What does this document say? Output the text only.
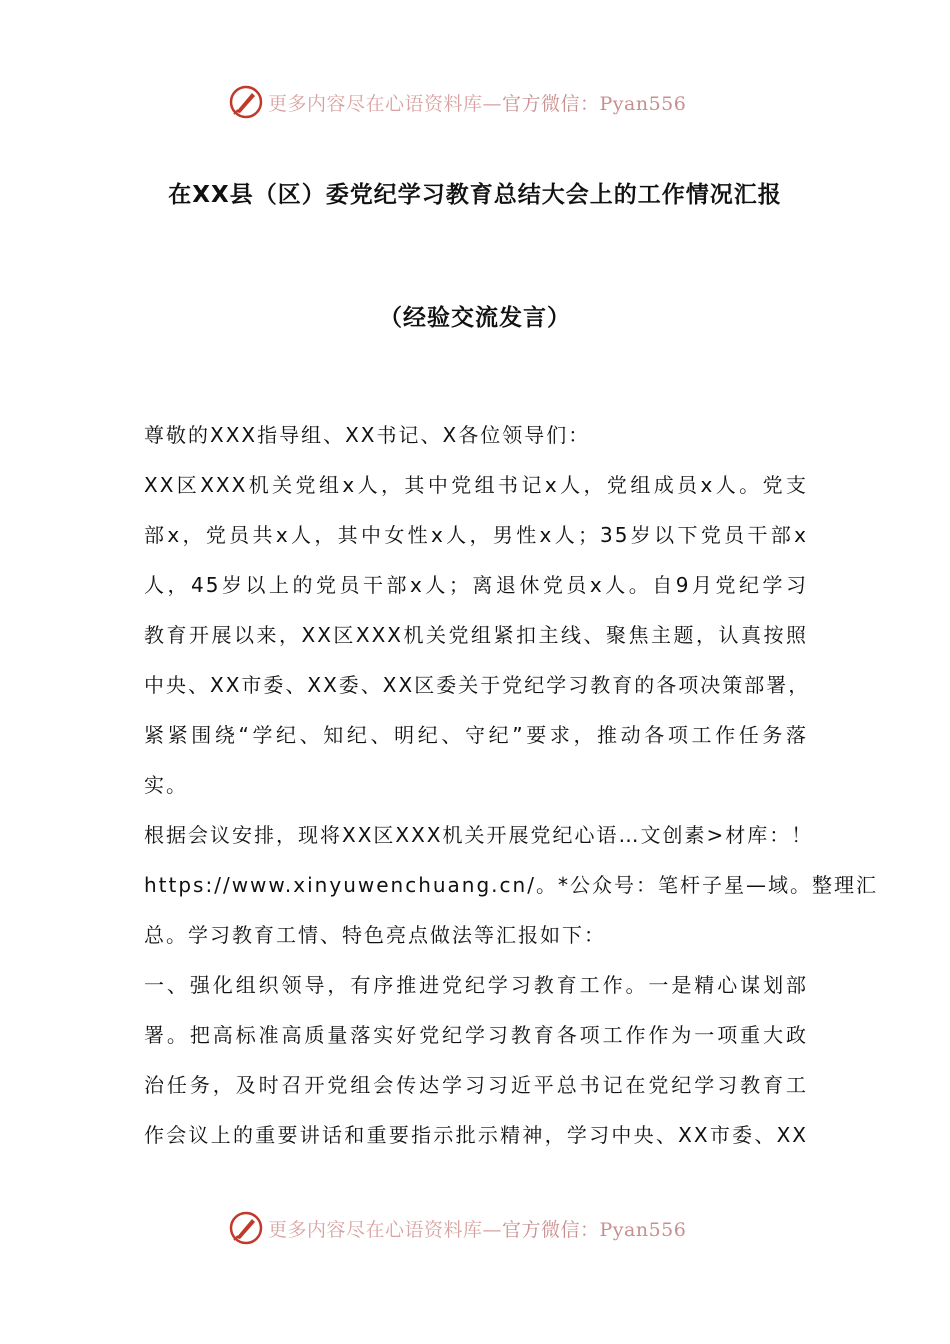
更多内容尽在心语资料库—官方微信：Pyan556
在XX县（区）委党纪学习教育总结大会上的工作情况汇报
（经验交流发言）
尊敬的XXX指导组、XX书记、X各位领导们：
XX区XXX机关党组x人，其中党组书记x人，党组成员x人。党支
部x，党员共x人，其中女性x人，男性x人；35岁以下党员干部x
人，45岁以上的党员干部x人；离退休党员x人。自9月党纪学习
教育开展以来，XX区XXX机关党组紧扣主线、聚焦主题，认真按照
中央、XX市委、XX委、XX区委关于党纪学习教育的各项决策部署，
紧紧围绕“学纪、知纪、明纪、守纪”要求，推动各项工作任务落
实。
根据会议安排，现将XX区XXX机关开展党纪心语…文创素>材库：！
https://www.xinyuwenchuang.cn/。*公众号：笔杆子星—域。整理汇
总。学习教育工情、特色亮点做法等汇报如下：
一、强化组织领导，有序推进党纪学习教育工作。一是精心谋划部
署。把高标准高质量落实好党纪学习教育各项工作作为一项重大政
治任务，及时召开党组会传达学习习近平总书记在党纪学习教育工
作会议上的重要讲话和重要指示批示精神，学习中央、XX市委、XX
更多内容尽在心语资料库—官方微信：Pyan556
